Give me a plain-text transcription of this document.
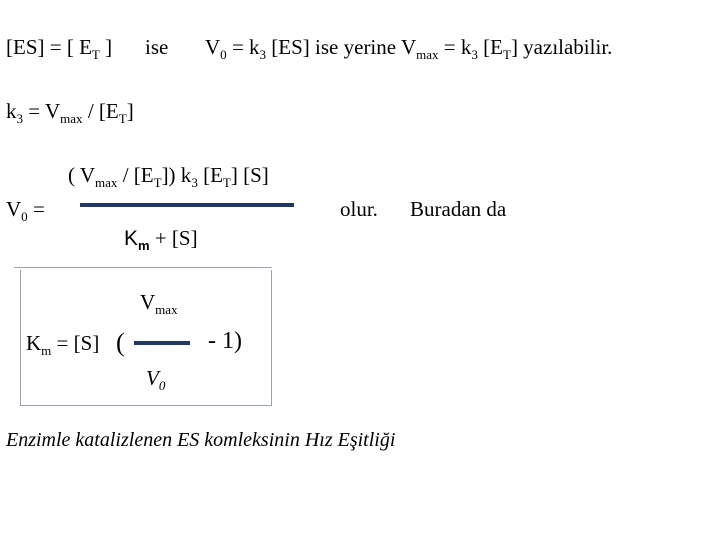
[ES] = [ $E_T$ ] ise $V_0 = k_3$ [ES] ise yerine $V_{max} = k_3$ $[E_T]$ yazılabilir.
$k_3 = V_{max} / [E_T]$
( $V_{max} / [E_T]$) $k_3$ $[E_T]$ [S]
$V_0$ =
$K_m + [S]$
olur. Buradan da
$V_{max}$
$K_m = [S]$ (
$V_0$
- 1)
Enzimle katalizlenen ES komleksinin Hız Eşitliği
